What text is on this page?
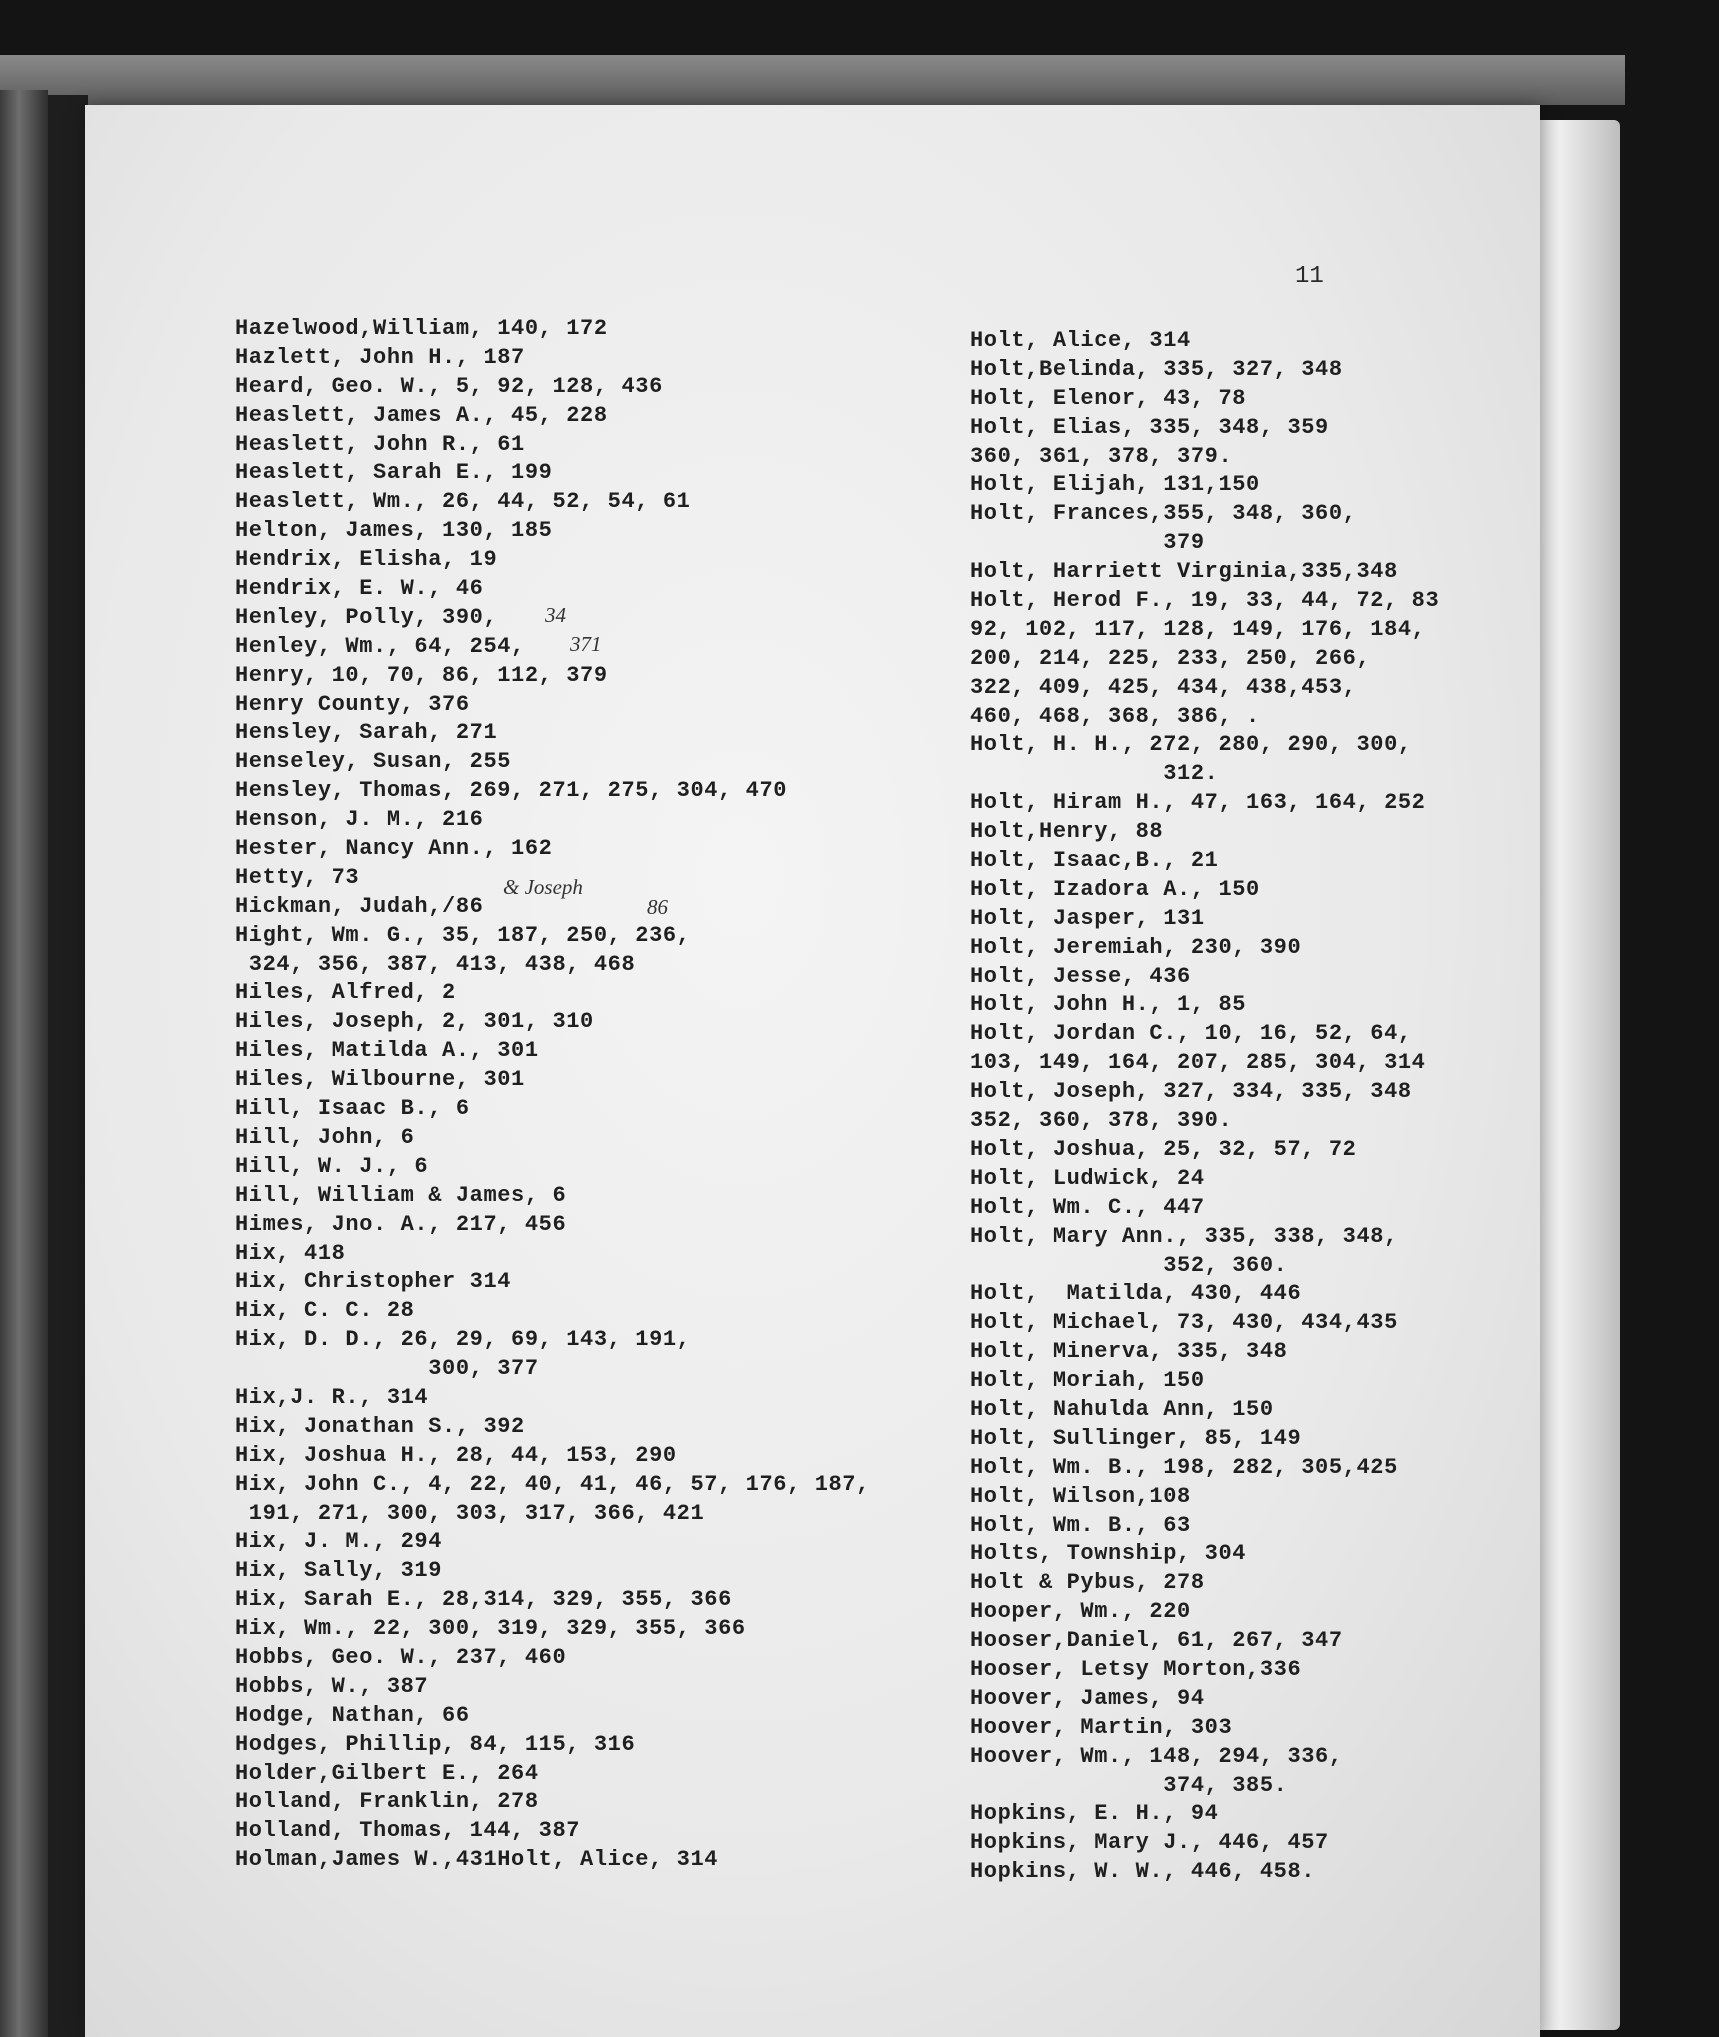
11
Hazelwood,William, 140, 172
Hazlett, John H., 187
Heard, Geo. W., 5, 92, 128, 436
Heaslett, James A., 45, 228
Heaslett, John R., 61
Heaslett, Sarah E., 199
Heaslett, Wm., 26, 44, 52, 54, 61
Helton, James, 130, 185
Hendrix, Elisha, 19
Hendrix, E. W., 46
Henley, Polly, 390,
Henley, Wm., 64, 254,
Henry, 10, 70, 86, 112, 379
Henry County, 376
Hensley, Sarah, 271
Henseley, Susan, 255
Hensley, Thomas, 269, 271, 275, 304, 470
Henson, J. M., 216
Hester, Nancy Ann., 162
Hetty, 73
Hickman, Judah,/86
Hight, Wm. G., 35, 187, 250, 236,
324, 356, 387, 413, 438, 468
Hiles, Alfred, 2
Hiles, Joseph, 2, 301, 310
Hiles, Matilda A., 301
Hiles, Wilbourne, 301
Hill, Isaac B., 6
Hill, John, 6
Hill, W. J., 6
Hill, William & James, 6
Himes, Jno. A., 217, 456
Hix, 418
Hix, Christopher 314
Hix, C. C. 28
Hix, D. D., 26, 29, 69, 143, 191,
300, 377
Hix,J. R., 314
Hix, Jonathan S., 392
Hix, Joshua H., 28, 44, 153, 290
Hix, John C., 4, 22, 40, 41, 46, 57, 176, 187,
191, 271, 300, 303, 317, 366, 421
Hix, J. M., 294
Hix, Sally, 319
Hix, Sarah E., 28,314, 329, 355, 366
Hix, Wm., 22, 300, 319, 329, 355, 366
Hobbs, Geo. W., 237, 460
Hobbs, W., 387
Hodge, Nathan, 66
Hodges, Phillip, 84, 115, 316
Holder,Gilbert E., 264
Holland, Franklin, 278
Holland, Thomas, 144, 387
Holman,James W.,431Holt, Alice, 314
Holt, Alice, 314
Holt,Belinda, 335, 327, 348
Holt, Elenor, 43, 78
Holt, Elias, 335, 348, 359
360, 361, 378, 379.
Holt, Elijah, 131,150
Holt, Frances,355, 348, 360,
379
Holt, Harriett Virginia,335,348
Holt, Herod F., 19, 33, 44, 72, 83
92, 102, 117, 128, 149, 176, 184,
200, 214, 225, 233, 250, 266,
322, 409, 425, 434, 438,453,
460, 468, 368, 386, .
Holt, H. H., 272, 280, 290, 300,
312.
Holt, Hiram H., 47, 163, 164, 252
Holt,Henry, 88
Holt, Isaac,B., 21
Holt, Izadora A., 150
Holt, Jasper, 131
Holt, Jeremiah, 230, 390
Holt, Jesse, 436
Holt, John H., 1, 85
Holt, Jordan C., 10, 16, 52, 64,
103, 149, 164, 207, 285, 304, 314
Holt, Joseph, 327, 334, 335, 348
352, 360, 378, 390.
Holt, Joshua, 25, 32, 57, 72
Holt, Ludwick, 24
Holt, Wm. C., 447
Holt, Mary Ann., 335, 338, 348,
352, 360.
Holt,  Matilda, 430, 446
Holt, Michael, 73, 430, 434,435
Holt, Minerva, 335, 348
Holt, Moriah, 150
Holt, Nahulda Ann, 150
Holt, Sullinger, 85, 149
Holt, Wm. B., 198, 282, 305,425
Holt, Wilson,108
Holt, Wm. B., 63
Holts, Township, 304
Holt & Pybus, 278
Hooper, Wm., 220
Hooser,Daniel, 61, 267, 347
Hooser, Letsy Morton,336
Hoover, James, 94
Hoover, Martin, 303
Hoover, Wm., 148, 294, 336,
374, 385.
Hopkins, E. H., 94
Hopkins, Mary J., 446, 457
Hopkins, W. W., 446, 458.
34
371
& Joseph
86
